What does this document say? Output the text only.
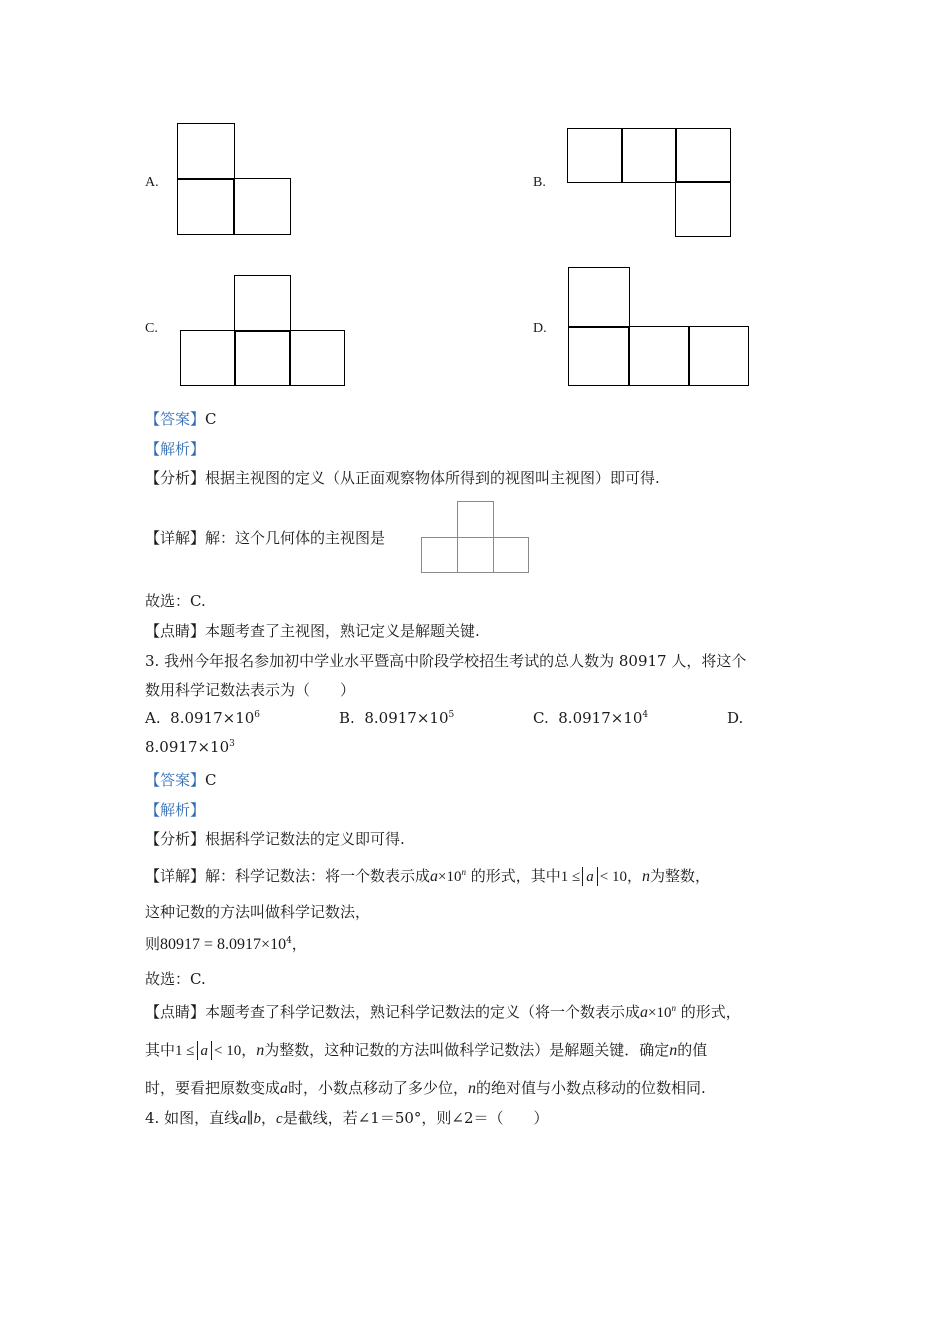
A.	B.
C.	D.
【答案】C
【解析】
【分析】根据主视图的定义（从正面观察物体所得到的视图叫主视图）即可得.
【详解】解：这个几何体的主视图是
故选：C.
【点睛】本题考查了主视图，熟记定义是解题关键.
3. 我州今年报名参加初中学业水平暨高中阶段学校招生考试的总人数为 80917 人，将这个
数用科学记数法表示为（　　）
A. $8.0917\times 10^6$	B. $8.0917\times 10^5$	C. $8.0917\times 10^4$	D.
$8.0917\times 10^3$
【答案】C
【解析】
【分析】根据科学记数法的定义即可得.
【详解】解：科学记数法：将一个数表示成$a\times 10^n$ 的形式，其中1 ≤ a < 10，n为整数，
这种记数的方法叫做科学记数法，
则$80917 = 8.0917\times 10^4$，
故选：C.
【点睛】本题考查了科学记数法，熟记科学记数法的定义（将一个数表示成$a\times 10^n$ 的形式，
其中1 ≤ a < 10，n为整数，这种记数的方法叫做科学记数法）是解题关键．确定n的值
时，要看把原数变成a时，小数点移动了多少位，n的绝对值与小数点移动的位数相同.
4. 如图，直线a∥b，c是截线，若∠1＝50°，则∠2＝（　　）
